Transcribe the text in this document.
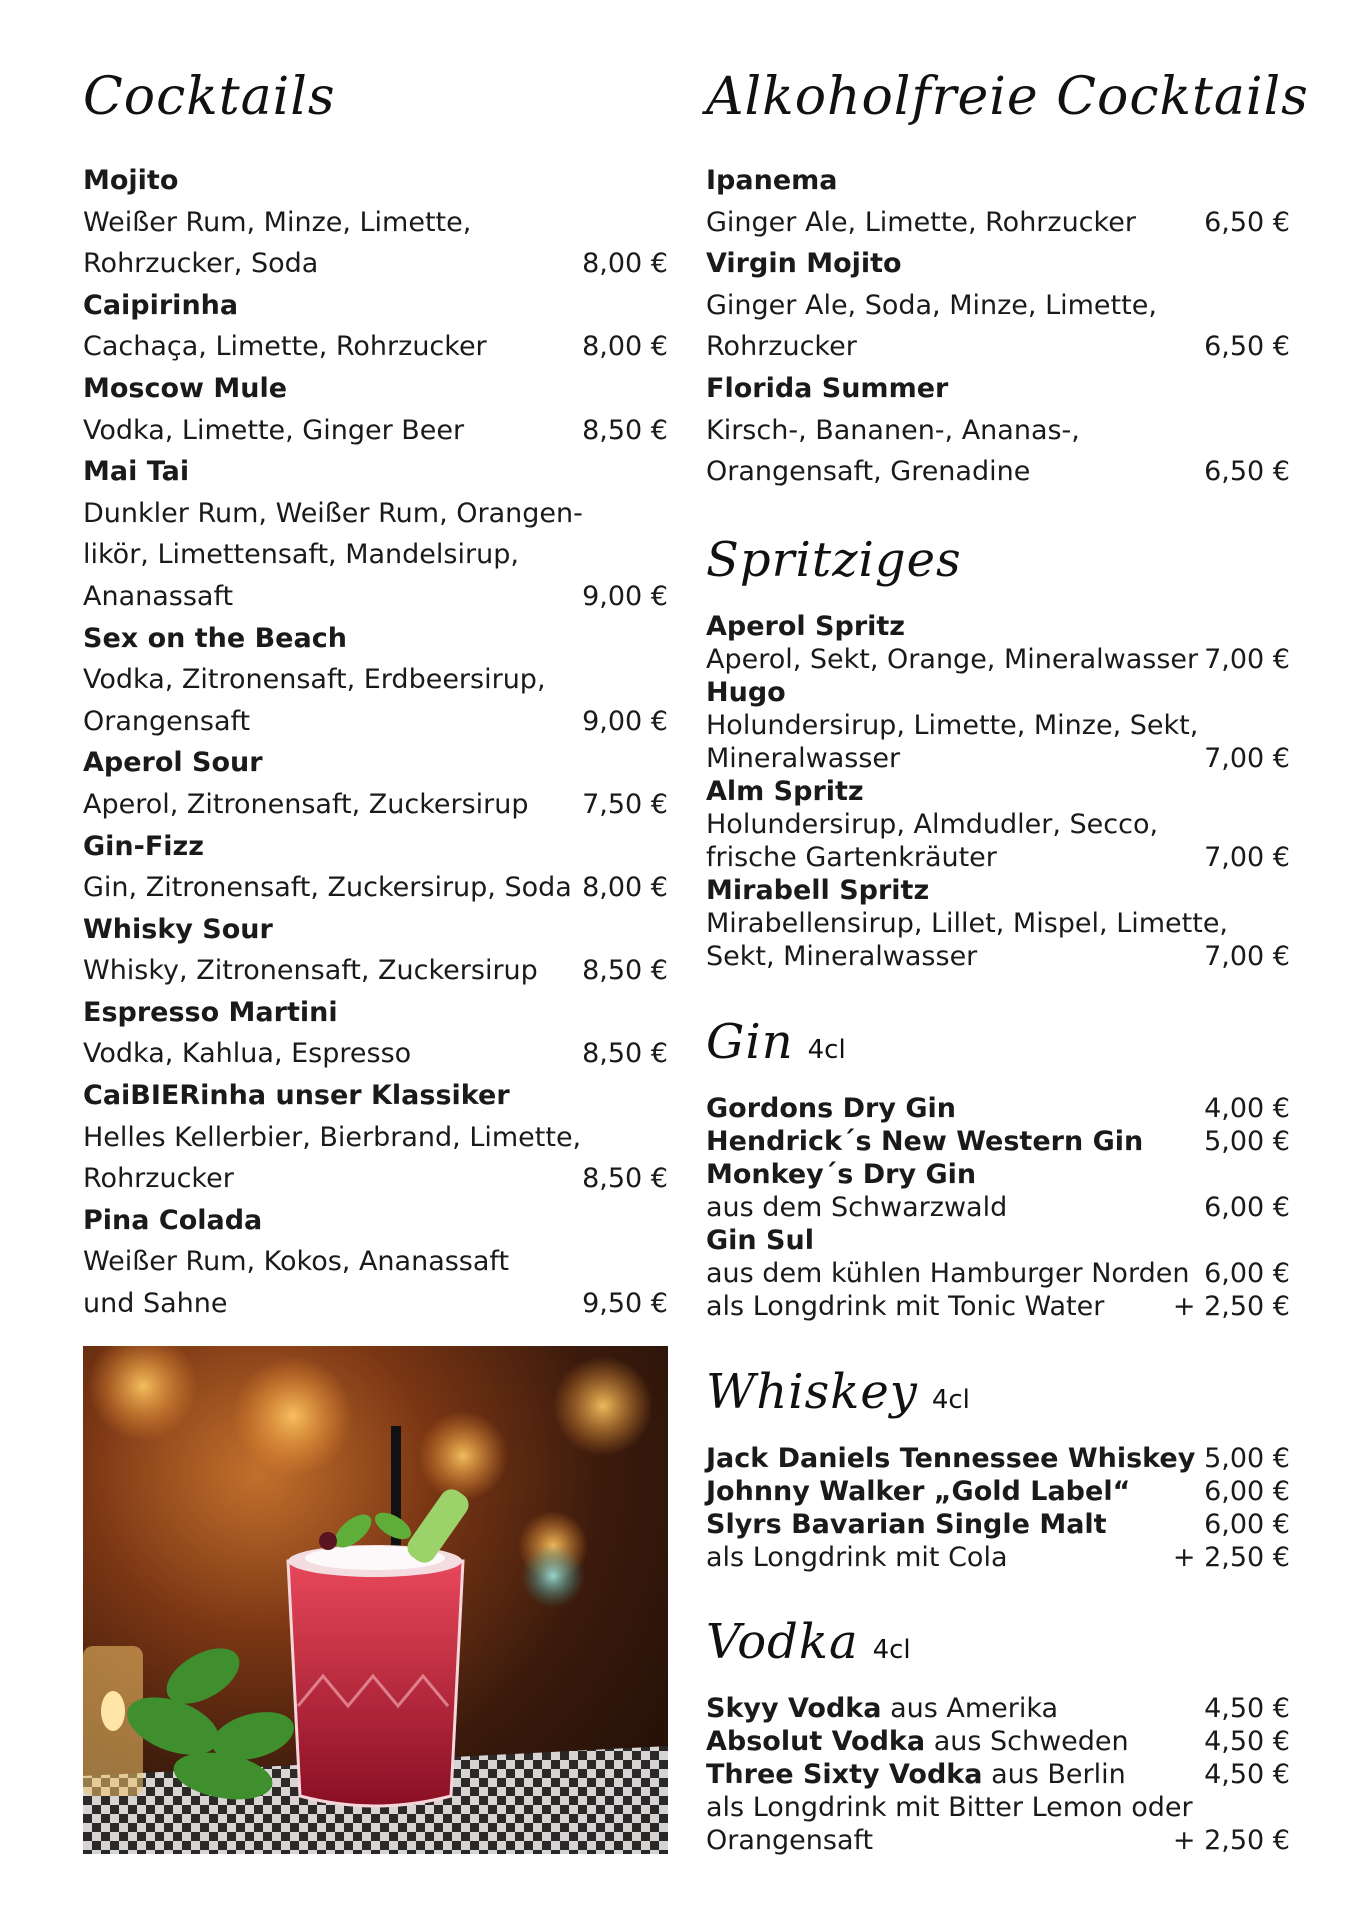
Cocktails
Mojito
Weißer Rum, Minze, Limette,
Rohrzucker, Soda	8,00 €
Caipirinha
Cachaça, Limette, Rohrzucker	8,00 €
Moscow Mule
Vodka, Limette, Ginger Beer	8,50 €
Mai Tai
Dunkler Rum, Weißer Rum, Orangen-
likör, Limettensaft, Mandelsirup,
Ananassaft	9,00 €
Sex on the Beach
Vodka, Zitronensaft, Erdbeersirup,
Orangensaft	9,00 €
Aperol Sour
Aperol, Zitronensaft, Zuckersirup 7,50 €
Gin-Fizz
Gin, Zitronensaft, Zuckersirup, Soda 8,00 €
Whisky Sour
Whisky, Zitronensaft, Zuckersirup 8,50 €
Espresso Martini
Vodka, Kahlua, Espresso	8,50 €
CaiBIERinha unser Klassiker
Helles Kellerbier, Bierbrand, Limette,
Rohrzucker	8,50 €
Pina Colada
Weißer Rum, Kokos, Ananassaft
und Sahne	9,50 €
Alkoholfreie Cocktails
Ipanema
Ginger Ale, Limette, Rohrzucker	6,50 €
Virgin Mojito
Ginger Ale, Soda, Minze, Limette,
Rohrzucker	6,50 €
Florida Summer
Kirsch-, Bananen-, Ananas-,
Orangensaft, Grenadine	6,50 €
Spritziges
Aperol Spritz
Aperol, Sekt, Orange, Mineralwasser 7,00 €
Hugo
Holundersirup, Limette, Minze, Sekt,
Mineralwasser	7,00 €
Alm Spritz
Holundersirup, Almdudler, Secco,
frische Gartenkräuter	7,00 €
Mirabell Spritz
Mirabellensirup, Lillet, Mispel, Limette,
Sekt, Mineralwasser	7,00 €
Gin 4cl
Gordons Dry Gin	4,00 €
Hendrick´s New Western Gin 5,00 €
Monkey´s Dry Gin
aus dem Schwarzwald	6,00 €
Gin Sul
aus dem kühlen Hamburger Norden 6,00 €
als Longdrink mit Tonic Water	+ 2,50 €
Whiskey 4cl
Jack Daniels Tennessee Whiskey 5,00 €
Johnny Walker „Gold Label“	6,00 €
Slyrs Bavarian Single Malt	6,00 €
als Longdrink mit Cola	+ 2,50 €
Vodka 4cl
Skyy Vodka aus Amerika	4,50 €
Absolut Vodka aus Schweden	4,50 €
Three Sixty Vodka aus Berlin	4,50 €
als Longdrink mit Bitter Lemon oder
Orangensaft	+ 2,50 €
